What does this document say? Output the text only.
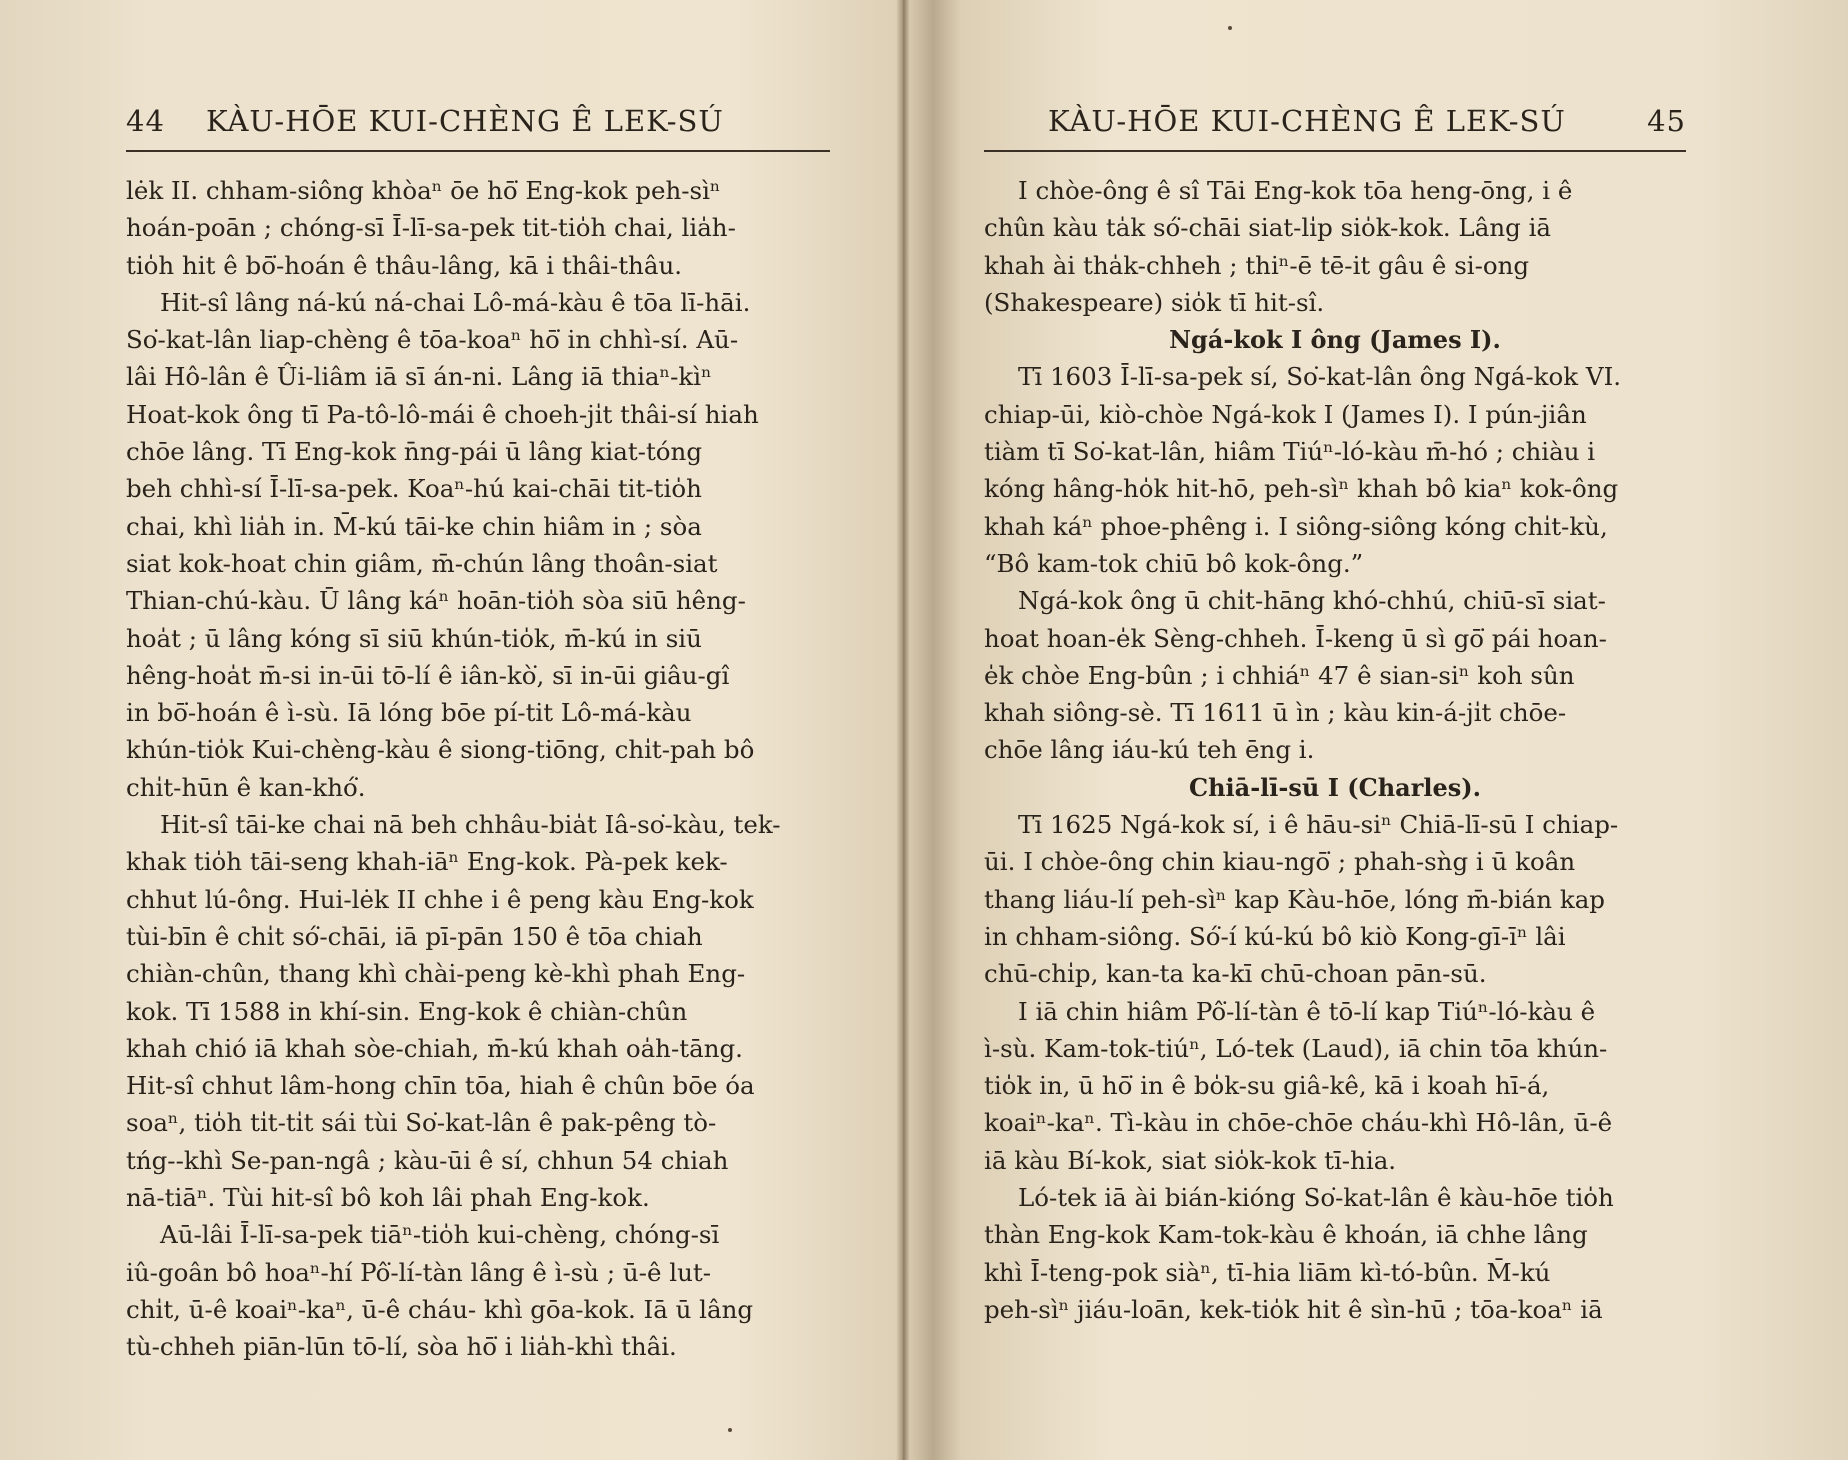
44 KÀU-HŌE KUI-CHÈNG Ê LEK-SÚ
lėk II. chham-siông khòaⁿ ōe hō͘ Eng-kok peh-sìⁿ
hoán-poān ; chóng-sī Ī-lī-sa-pek tit-tio̍h chai, lia̍h-
tio̍h hit ê bō͘-hoán ê thâu-lâng, kā i thâi-thâu.
Hit-sî lâng ná-kú ná-chai Lô-má-kàu ê tōa lī-hāi.
So͘-kat-lân liap-chèng ê tōa-koaⁿ hō͘ in chhì-sí. Aū-
lâi Hô-lân ê Ûi-liâm iā sī án-ni. Lâng iā thiaⁿ-kìⁿ
Hoat-kok ông tī Pa-tô-lô-mái ê choeh-ji̍t thâi-sí hiah
chōe lâng. Tī Eng-kok n̄ng-pái ū lâng kiat-tóng
beh chhì-sí Ī-lī-sa-pek. Koaⁿ-hú kai-chāi tit-tio̍h
chai, khì lia̍h in. M̄-kú tāi-ke chin hiâm in ; sòa
siat kok-hoat chin giâm, m̄-chún lâng thoân-siat
Thian-chú-kàu. Ū lâng káⁿ hoān-tio̍h sòa siū hêng-
hoa̍t ; ū lâng kóng sī siū khún-tio̍k, m̄-kú in siū
hêng-hoa̍t m̄-si in-ūi tō-lí ê iân-kò͘, sī in-ūi giâu-gî
in bō͘-hoán ê ì-sù. Iā lóng bōe pí-tit Lô-má-kàu
khún-tio̍k Kui-chèng-kàu ê siong-tiōng, chi̍t-pah bô
chi̍t-hūn ê kan-khó͘.
Hit-sî tāi-ke chai nā beh chhâu-bia̍t Iâ-so͘-kàu, tek-
khak tio̍h tāi-seng khah-iāⁿ Eng-kok. Pà-pek kek-
chhut lú-ông. Hui-lėk II chhe i ê peng kàu Eng-kok
tùi-bīn ê chi̍t só͘-chāi, iā pī-pān 150 ê tōa chiah
chiàn-chûn, thang khì chài-peng kè-khì phah Eng-
kok. Tī 1588 in khí-sin. Eng-kok ê chiàn-chûn
khah chió iā khah sòe-chiah, m̄-kú khah oa̍h-tāng.
Hit-sî chhut lâm-hong chīn tōa, hiah ê chûn bōe óa
soaⁿ, tio̍h ti̍t-ti̍t sái tùi So͘-kat-lân ê pak-pêng tò-
tńg--khì Se-pan-ngâ ; kàu-ūi ê sí, chhun 54 chiah
nā-tiāⁿ. Tùi hit-sî bô koh lâi phah Eng-kok.
Aū-lâi Ī-lī-sa-pek tiāⁿ-tio̍h kui-chèng, chóng-sī
iû-goân bô hoaⁿ-hí Pô͘-lí-tàn lâng ê ì-sù ; ū-ê lut-
chi̍t, ū-ê koaiⁿ-kaⁿ, ū-ê cháu- khì gōa-kok. Iā ū lâng
tù-chheh piān-lūn tō-lí, sòa hō͘ i lia̍h-khì thâi.
KÀU-HŌE KUI-CHÈNG Ê LEK-SÚ	45
I chòe-ông ê sî Tāi Eng-kok tōa heng-ōng, i ê
chûn kàu ta̍k só͘-chāi siat-li̍p sio̍k-kok. Lâng iā
khah ài tha̍k-chheh ; thiⁿ-ē tē-it gâu ê si-ong
(Shakespeare) sio̍k tī hit-sî.
Ngá-kok I ông (James I).
Tī 1603 Ī-lī-sa-pek sí, So͘-kat-lân ông Ngá-kok VI.
chiap-ūi, kiò-chòe Ngá-kok I (James I). I pún-jiân
tiàm tī So͘-kat-lân, hiâm Tiúⁿ-ló-kàu m̄-hó ; chiàu i
kóng hâng-ho̍k hit-hō, peh-sìⁿ khah bô kiaⁿ kok-ông
khah káⁿ phoe-phêng i. I siông-siông kóng chi̍t-kù,
“Bô kam-tok chiū bô kok-ông.”
Ngá-kok ông ū chi̍t-hāng khó-chhú, chiū-sī siat-
hoat hoan-e̍k Sèng-chheh. Ī-keng ū sì gō͘ pái hoan-
e̍k chòe Eng-bûn ; i chhiáⁿ 47 ê sian-siⁿ koh sûn
khah siông-sè. Tī 1611 ū ìn ; kàu kin-á-ji̍t chōe-
chōe lâng iáu-kú teh ēng i.
Chiā-lī-sū I (Charles).
Tī 1625 Ngá-kok sí, i ê hāu-siⁿ Chiā-lī-sū I chiap-
ūi. I chòe-ông chin kiau-ngō͘ ; phah-sǹg i ū koân
thang liáu-lí peh-sìⁿ kap Kàu-hōe, lóng m̄-bián kap
in chham-siông. Só͘-í kú-kú bô kiò Kong-gī-īⁿ lâi
chū-chi̍p, kan-ta ka-kī chū-choan pān-sū.
I iā chin hiâm Pô͘-lí-tàn ê tō-lí kap Tiúⁿ-ló-kàu ê
ì-sù. Kam-tok-tiúⁿ, Ló-tek (Laud), iā chin tōa khún-
tio̍k in, ū hō͘ in ê bo̍k-su giâ-kê, kā i koah hī-á,
koaiⁿ-kaⁿ. Tì-kàu in chōe-chōe cháu-khì Hô-lân, ū-ê
iā kàu Bí-kok, siat sio̍k-kok tī-hia.
Ló-tek iā ài bián-kióng So͘-kat-lân ê kàu-hōe tio̍h
thàn Eng-kok Kam-tok-kàu ê khoán, iā chhe lâng
khì Ī-teng-pok siàⁿ, tī-hia liām kì-tó-bûn. M̄-kú
peh-sìⁿ jiáu-loān, kek-tio̍k hit ê sìn-hū ; tōa-koaⁿ iā
